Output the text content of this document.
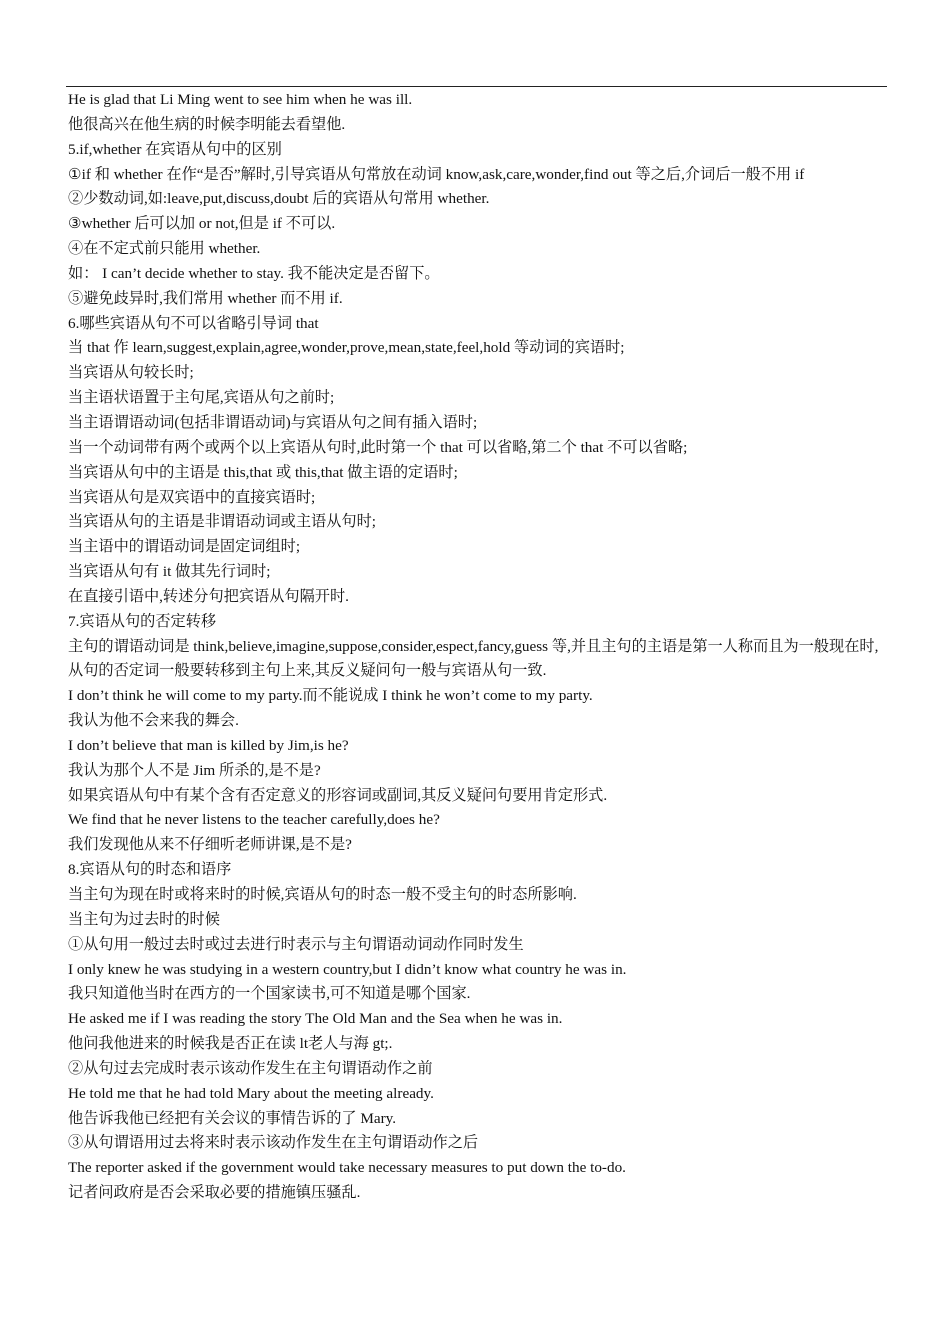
He is glad that Li Ming went to see him when he was ill.
他很高兴在他生病的时候李明能去看望他.
5.if,whether 在宾语从句中的区别
①if 和 whether 在作“是否”解时,引导宾语从句常放在动词 know,ask,care,wonder,find out 等之后,介词后一般不用 if
②少数动词,如:leave,put,discuss,doubt 后的宾语从句常用 whether.
③whether 后可以加 or not,但是 if 不可以.
④在不定式前只能用 whether.
如： I can’t decide whether to stay. 我不能决定是否留下。
⑤避免歧异时,我们常用 whether 而不用 if.
6.哪些宾语从句不可以省略引导词 that
当 that 作 learn,suggest,explain,agree,wonder,prove,mean,state,feel,hold 等动词的宾语时;
当宾语从句较长时;
当主语状语置于主句尾,宾语从句之前时;
当主语谓语动词(包括非谓语动词)与宾语从句之间有插入语时;
当一个动词带有两个或两个以上宾语从句时,此时第一个 that 可以省略,第二个 that 不可以省略;
当宾语从句中的主语是 this,that 或 this,that 做主语的定语时;
当宾语从句是双宾语中的直接宾语时;
当宾语从句的主语是非谓语动词或主语从句时;
当主语中的谓语动词是固定词组时;
当宾语从句有 it 做其先行词时;
在直接引语中,转述分句把宾语从句隔开时.
7.宾语从句的否定转移
主句的谓语动词是 think,believe,imagine,suppose,consider,espect,fancy,guess 等,并且主句的主语是第一人称而且为一般现在时,从句的否定词一般要转移到主句上来,其反义疑问句一般与宾语从句一致.
I don’t think he will come to my party.而不能说成 I think he won’t come to my party.
我认为他不会来我的舞会.
I don’t believe that man is killed by Jim,is he?
我认为那个人不是 Jim 所杀的,是不是?
如果宾语从句中有某个含有否定意义的形容词或副词,其反义疑问句要用肯定形式.
We find that he never listens to the teacher carefully,does he?
我们发现他从来不仔细听老师讲课,是不是?
8.宾语从句的时态和语序
当主句为现在时或将来时的时候,宾语从句的时态一般不受主句的时态所影响.
当主句为过去时的时候
①从句用一般过去时或过去进行时表示与主句谓语动词动作同时发生
I only knew he was studying in a western country,but I didn’t know what country he was in.
我只知道他当时在西方的一个国家读书,可不知道是哪个国家.
He asked me if I was reading the story The Old Man and the Sea when he was in.
他问我他进来的时候我是否正在读 lt老人与海 gt;.
②从句过去完成时表示该动作发生在主句谓语动作之前
He told me that he had told Mary about the meeting already.
他告诉我他已经把有关会议的事情告诉的了 Mary.
③从句谓语用过去将来时表示该动作发生在主句谓语动作之后
The reporter asked if the government would take necessary measures to put down the to-do.
记者问政府是否会采取必要的措施镇压骚乱.
